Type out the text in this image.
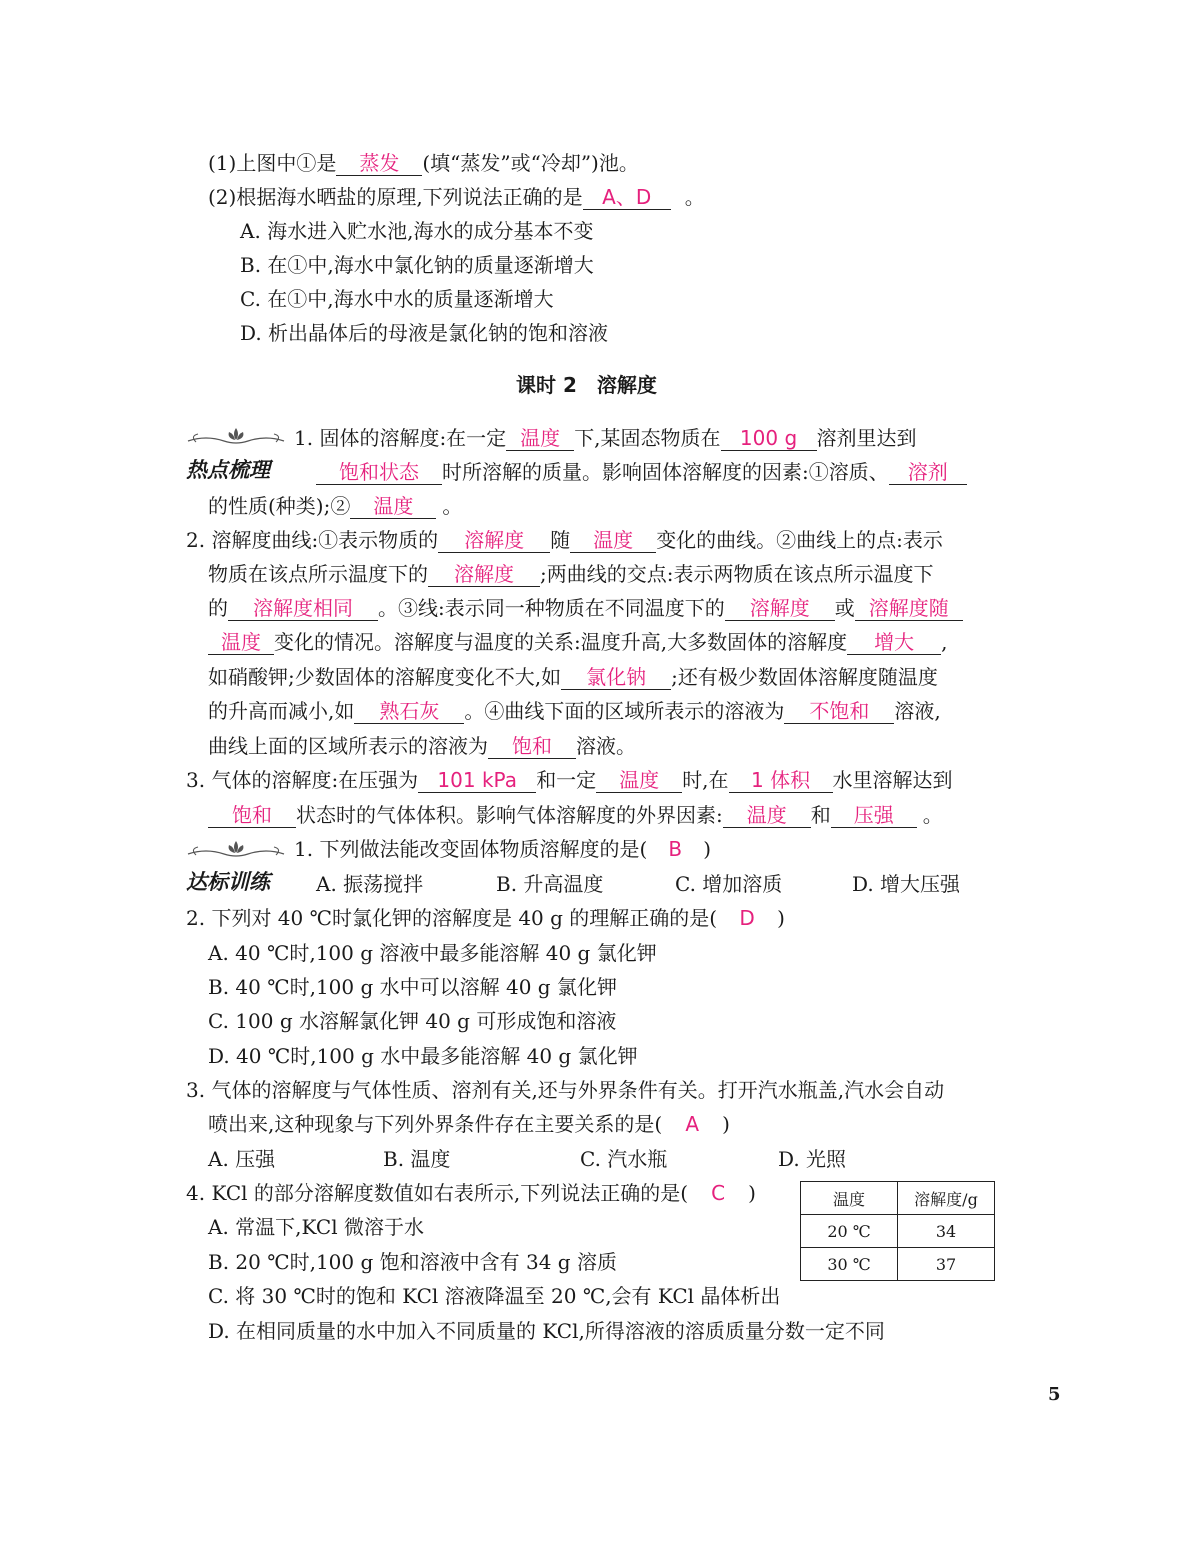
(1)上图中①是 蒸发 (填“蒸发”或“冷却”)池。
(2)根据海水晒盐的原理,下列说法正确的是 A、D 。
A. 海水进入贮水池,海水的成分基本不变
B. 在①中,海水中氯化钠的质量逐渐增大
C. 在①中,海水中水的质量逐渐增大
D. 析出晶体后的母液是氯化钠的饱和溶液
课时 2　溶解度
1. 固体的溶解度:在一定 温度 下,某固态物质在 100 g 溶剂里达到
热点梳理	饱和状态 时所溶解的质量。影响固体溶解度的因素:①溶质、 溶剂
的性质(种类);② 温度 。
2. 溶解度曲线:①表示物质的 溶解度 随 温度 变化的曲线。②曲线上的点:表示
物质在该点所示温度下的 溶解度 ;两曲线的交点:表示两物质在该点所示温度下
的 溶解度相同 。③线:表示同一种物质在不同温度下的 溶解度 或 溶解度随
温度 变化的情况。溶解度与温度的关系:温度升高,大多数固体的溶解度 增大 ,
如硝酸钾;少数固体的溶解度变化不大,如 氯化钠 ;还有极少数固体溶解度随温度
的升高而减小,如 熟石灰 。④曲线下面的区域所表示的溶液为 不饱和 溶液,
曲线上面的区域所表示的溶液为 饱和 溶液。
3. 气体的溶解度:在压强为 101 kPa 和一定 温度 时,在 1 体积 水里溶解达到
饱和 状态时的气体体积。影响气体溶解度的外界因素: 温度 和 压强 。
1. 下列做法能改变固体物质溶解度的是( B )
达标训练 A. 振荡搅拌	B. 升高温度	C. 增加溶质	D. 增大压强
2. 下列对 40 ℃时氯化钾的溶解度是 40 g 的理解正确的是( D )
A. 40 ℃时,100 g 溶液中最多能溶解 40 g 氯化钾
B. 40 ℃时,100 g 水中可以溶解 40 g 氯化钾
C. 100 g 水溶解氯化钾 40 g 可形成饱和溶液
D. 40 ℃时,100 g 水中最多能溶解 40 g 氯化钾
3. 气体的溶解度与气体性质、溶剂有关,还与外界条件有关。打开汽水瓶盖,汽水会自动
喷出来,这种现象与下列外界条件存在主要关系的是( A )
A. 压强	B. 温度	C. 汽水瓶	D. 光照
4. KCl 的部分溶解度数值如右表所示,下列说法正确的是( C )
A. 常温下,KCl 微溶于水
B. 20 ℃时,100 g 饱和溶液中含有 34 g 溶质
C. 将 30 ℃时的饱和 KCl 溶液降温至 20 ℃,会有 KCl 晶体析出
D. 在相同质量的水中加入不同质量的 KCl,所得溶液的溶质质量分数一定不同
温度	溶解度/g
20 ℃	34
30 ℃	37
5
